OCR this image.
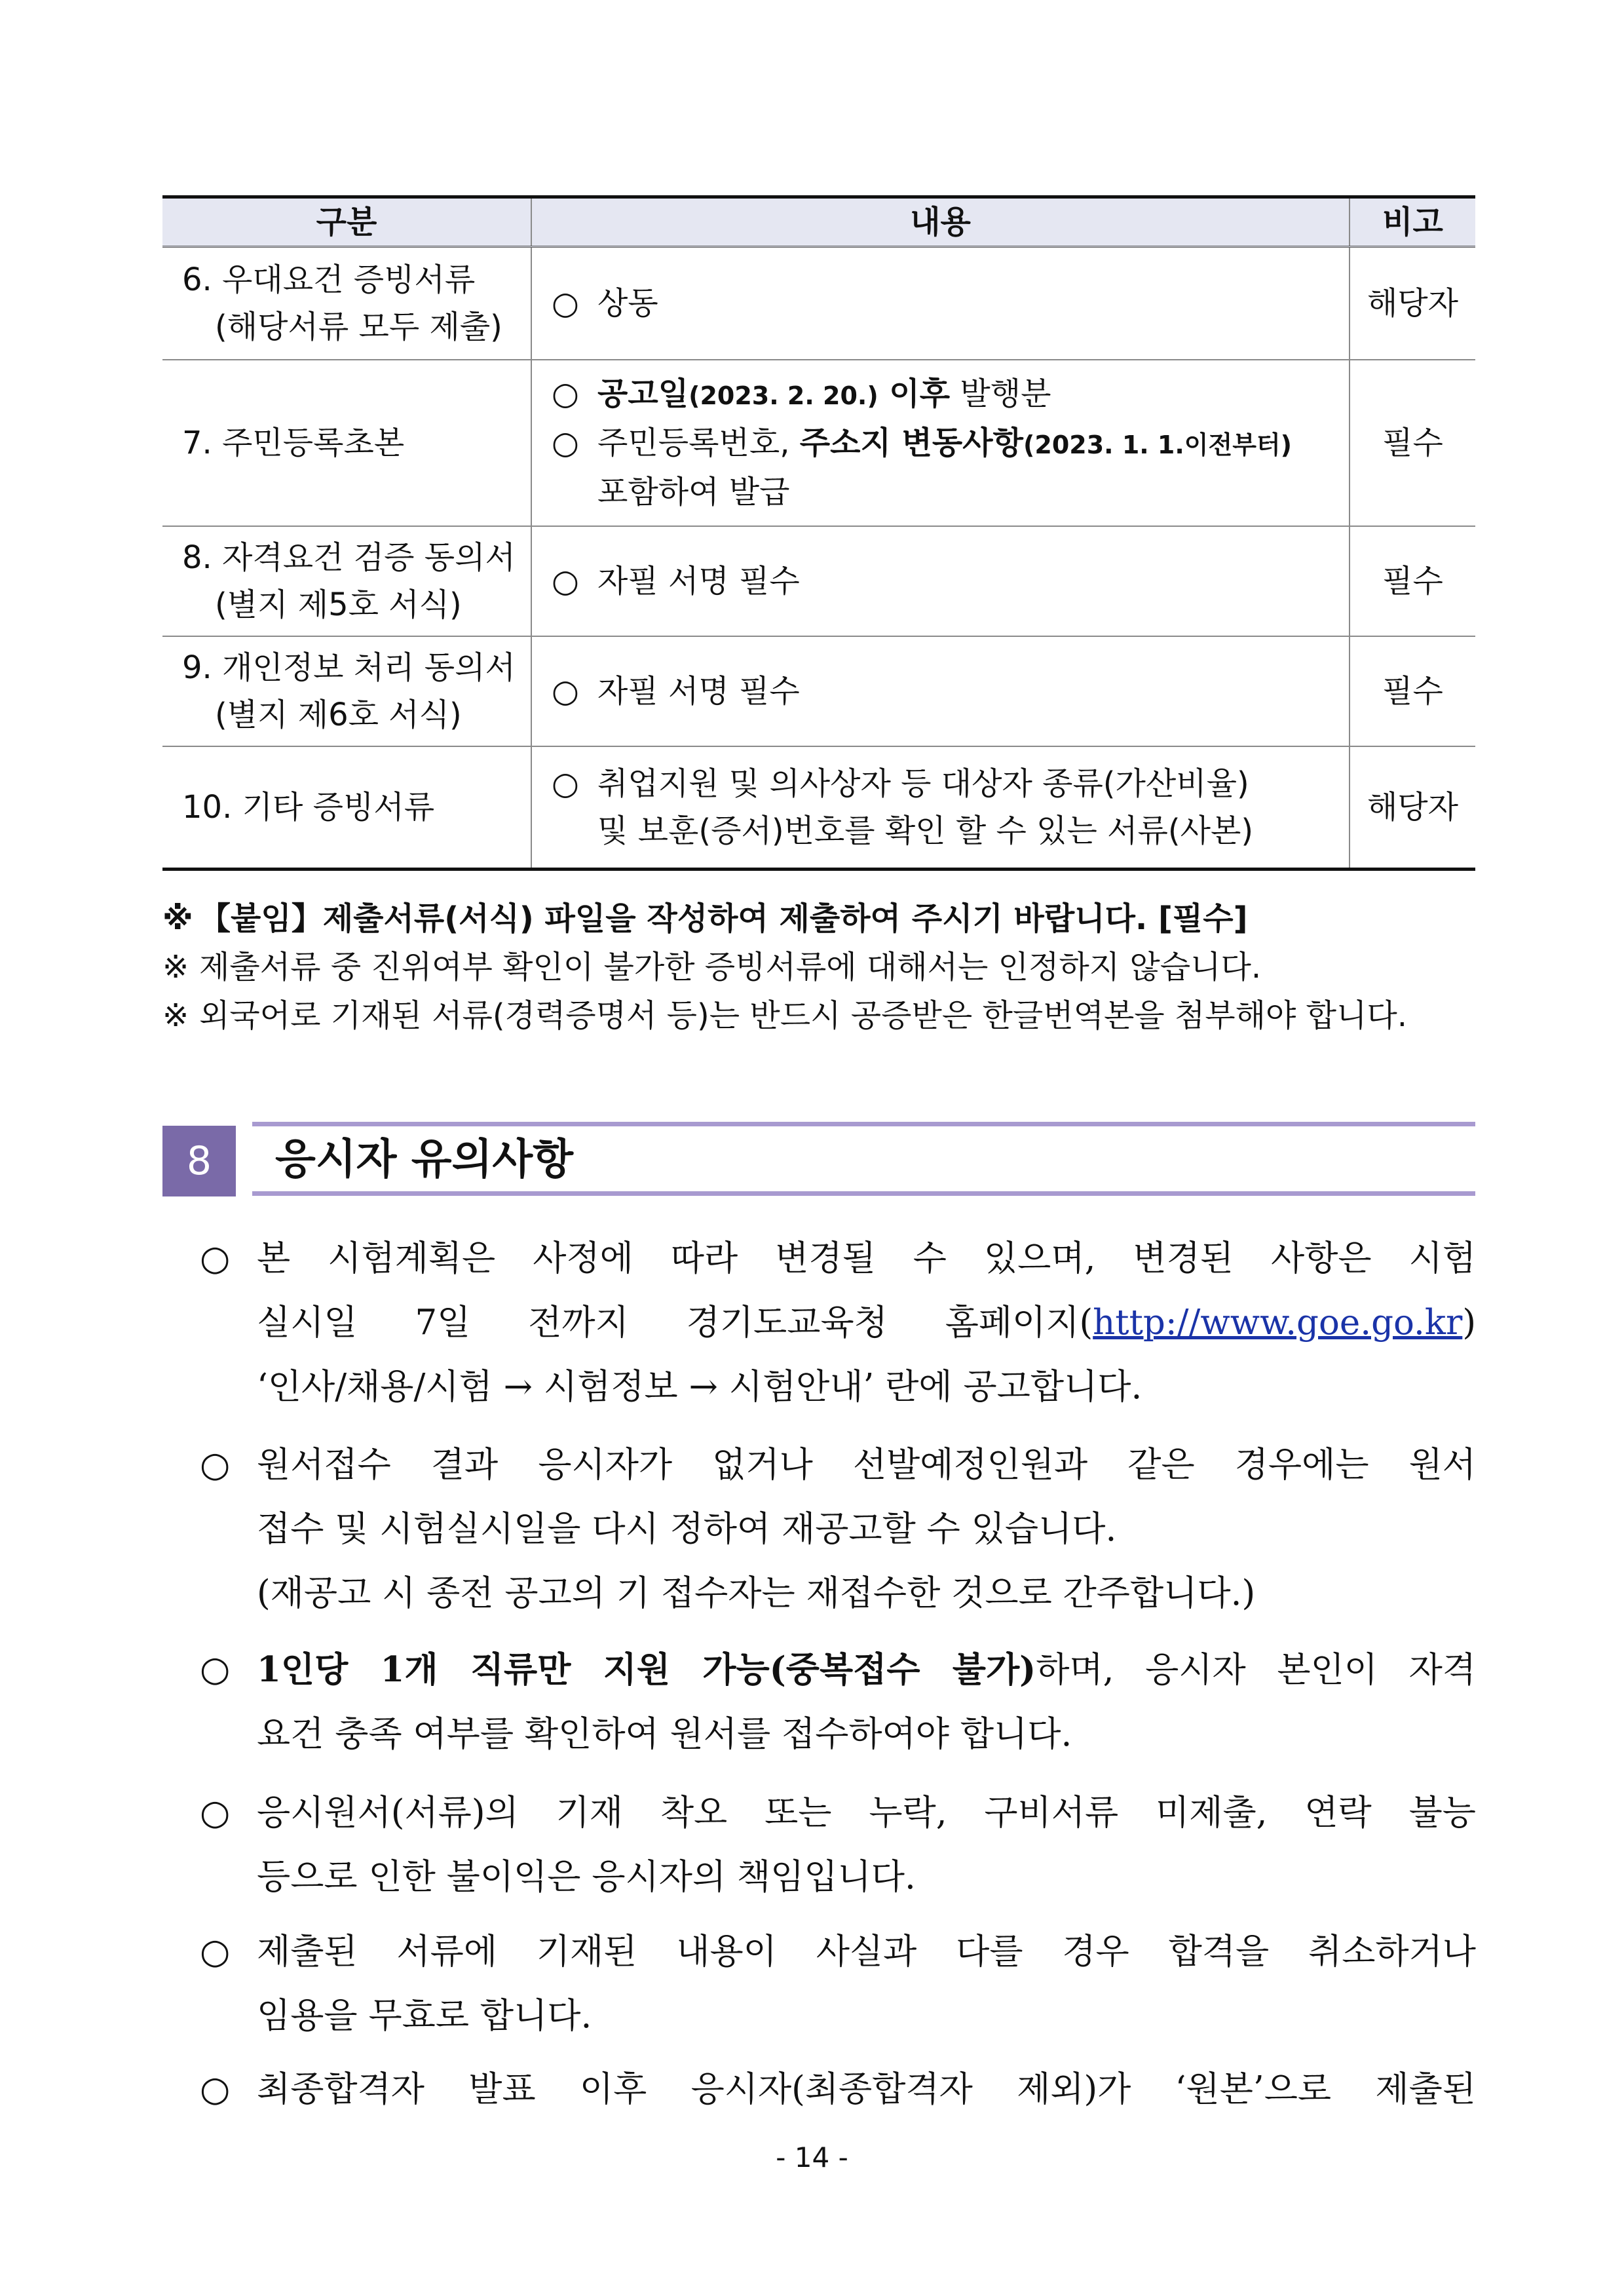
구분	내용	비고
6. 우대요건 증빙서류
(해당서류 모두 제출)	○ 상동	해당자
7. 주민등록초본	○ 공고일(2023. 2. 20.) 이후 발행분
○ 주민등록번호, 주소지 변동사항(2023. 1. 1.이전부터)
포함하여 발급	필수
8. 자격요건 검증 동의서
(별지 제5호 서식)	○ 자필 서명 필수	필수
9. 개인정보 처리 동의서
(별지 제6호 서식)	○ 자필 서명 필수	필수
10. 기타 증빙서류	○ 취업지원 및 의사상자 등 대상자 종류(가산비율)
및 보훈(증서)번호를 확인 할 수 있는 서류(사본)	해당자
※ 【붙임】제출서류(서식) 파일을 작성하여 제출하여 주시기 바랍니다. [필수]
※ 제출서류 중 진위여부 확인이 불가한 증빙서류에 대해서는 인정하지 않습니다.
※ 외국어로 기재된 서류(경력증명서 등)는 반드시 공증받은 한글번역본을 첨부해야 합니다.
8	응시자 유의사항
○ 본 시험계획은 사정에 따라 변경될 수 있으며, 변경된 사항은 시험
실시일 7일 전까지 경기도교육청 홈페이지(http://www.goe.go.kr)
‘인사/채용/시험 → 시험정보 → 시험안내’ 란에 공고합니다.
○ 원서접수 결과 응시자가 없거나 선발예정인원과 같은 경우에는 원서
접수 및 시험실시일을 다시 정하여 재공고할 수 있습니다.
(재공고 시 종전 공고의 기 접수자는 재접수한 것으로 간주합니다.)
○ 1인당 1개 직류만 지원 가능(중복접수 불가)하며, 응시자 본인이 자격
요건 충족 여부를 확인하여 원서를 접수하여야 합니다.
○ 응시원서(서류)의 기재 착오 또는 누락, 구비서류 미제출, 연락 불능
등으로 인한 불이익은 응시자의 책임입니다.
○ 제출된 서류에 기재된 내용이 사실과 다를 경우 합격을 취소하거나
임용을 무효로 합니다.
○ 최종합격자 발표 이후 응시자(최종합격자 제외)가 ‘원본’으로 제출된
- 14 -
